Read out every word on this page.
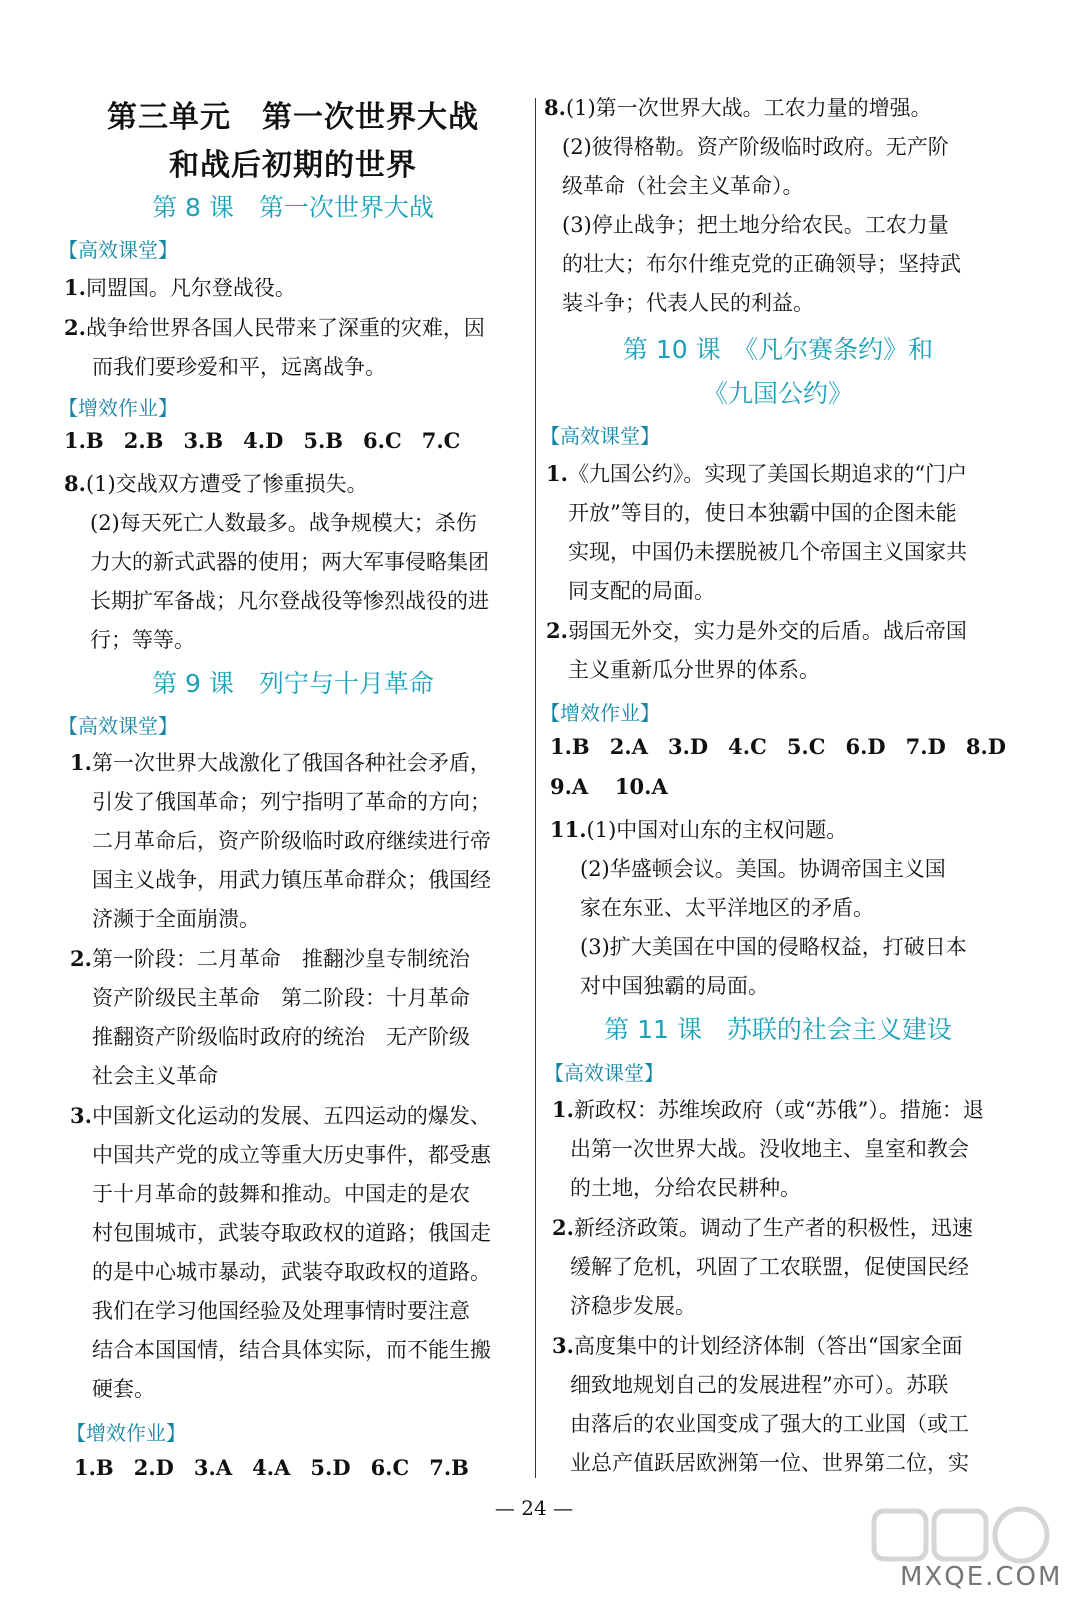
第三单元　第一次世界大战
和战后初期的世界
第 8 课　第一次世界大战
【高效课堂】
1.同盟国。凡尔登战役。
2.战争给世界各国人民带来了深重的灾难，因
而我们要珍爱和平，远离战争。
【增效作业】
1.B 2.B 3.B 4.D 5.B 6.C 7.C
8.(1)交战双方遭受了惨重损失。
(2)每天死亡人数最多。战争规模大；杀伤
力大的新式武器的使用；两大军事侵略集团
长期扩军备战；凡尔登战役等惨烈战役的进
行；等等。
第 9 课　列宁与十月革命
【高效课堂】
1.第一次世界大战激化了俄国各种社会矛盾，
引发了俄国革命；列宁指明了革命的方向；
二月革命后，资产阶级临时政府继续进行帝
国主义战争，用武力镇压革命群众；俄国经
济濒于全面崩溃。
2.第一阶段：二月革命　推翻沙皇专制统治
资产阶级民主革命　第二阶段：十月革命
推翻资产阶级临时政府的统治　无产阶级
社会主义革命
3.中国新文化运动的发展、五四运动的爆发、
中国共产党的成立等重大历史事件，都受惠
于十月革命的鼓舞和推动。中国走的是农
村包围城市，武装夺取政权的道路；俄国走
的是中心城市暴动，武装夺取政权的道路。
我们在学习他国经验及处理事情时要注意
结合本国国情，结合具体实际，而不能生搬
硬套。
【增效作业】
1.B 2.D 3.A 4.A 5.D 6.C 7.B
8.(1)第一次世界大战。工农力量的增强。
(2)彼得格勒。资产阶级临时政府。无产阶
级革命（社会主义革命）。
(3)停止战争；把土地分给农民。工农力量
的壮大；布尔什维克党的正确领导；坚持武
装斗争；代表人民的利益。
第 10 课　《凡尔赛条约》和
《九国公约》
【高效课堂】
1.《九国公约》。实现了美国长期追求的“门户
开放”等目的，使日本独霸中国的企图未能
实现，中国仍未摆脱被几个帝国主义国家共
同支配的局面。
2.弱国无外交，实力是外交的后盾。战后帝国
主义重新瓜分世界的体系。
【增效作业】
1.B 2.A 3.D 4.C 5.C 6.D 7.D 8.D
9.A 10.A
11.(1)中国对山东的主权问题。
(2)华盛顿会议。美国。协调帝国主义国
家在东亚、太平洋地区的矛盾。
(3)扩大美国在中国的侵略权益，打破日本
对中国独霸的局面。
第 11 课　苏联的社会主义建设
【高效课堂】
1.新政权：苏维埃政府（或“苏俄”）。措施：退
出第一次世界大战。没收地主、皇室和教会
的土地，分给农民耕种。
2.新经济政策。调动了生产者的积极性，迅速
缓解了危机，巩固了工农联盟，促使国民经
济稳步发展。
3.高度集中的计划经济体制（答出“国家全面
细致地规划自己的发展进程”亦可）。苏联
由落后的农业国变成了强大的工业国（或工
业总产值跃居欧洲第一位、世界第二位，实
— 24 —
MXQE.COM
